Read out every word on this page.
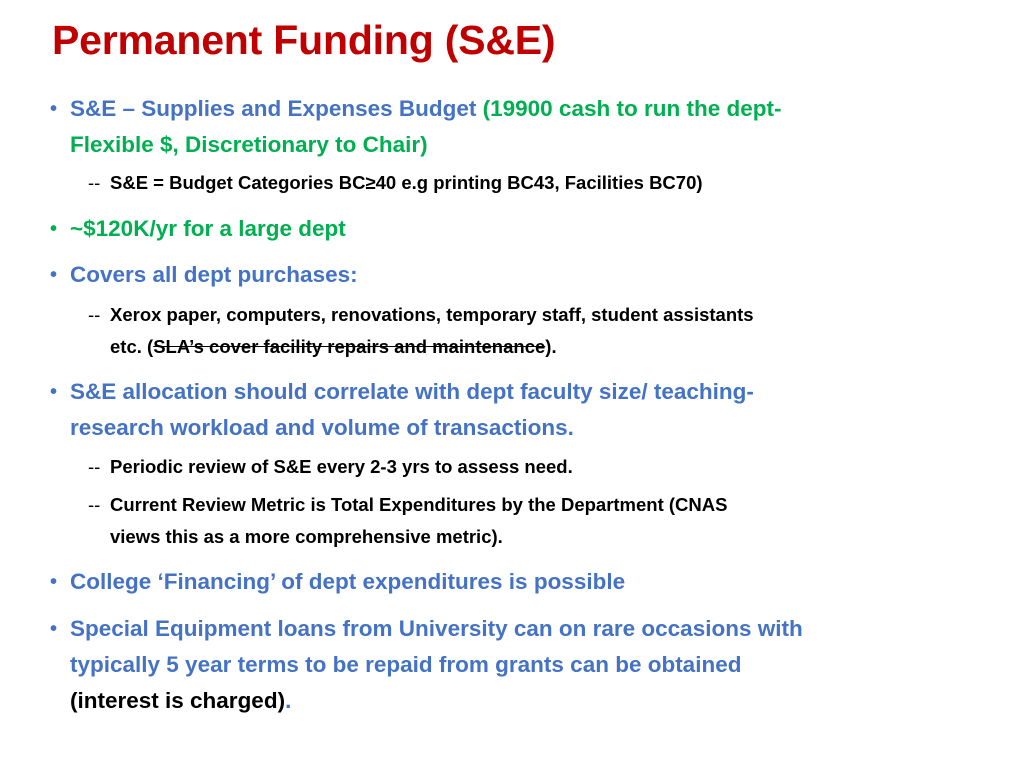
Permanent Funding (S&E)
• S&E – Supplies and Expenses Budget (19900 cash to run the dept-
Flexible $, Discretionary to Chair)
-- S&E = Budget Categories BC≥40 e.g printing BC43, Facilities BC70)
• ~$120K/yr for a large dept
• Covers all dept purchases:
-- Xerox paper, computers, renovations, temporary staff, student assistants
etc. (SLA’s cover facility repairs and maintenance).
• S&E allocation should correlate with dept faculty size/ teaching-
research workload and volume of transactions.
-- Periodic review of S&E every 2-3 yrs to assess need.
-- Current Review Metric is Total Expenditures by the Department (CNAS
views this as a more comprehensive metric).
• College ‘Financing’ of dept expenditures is possible
• Special Equipment loans from University can on rare occasions with
typically 5 year terms to be repaid from grants can be obtained
(interest is charged).
